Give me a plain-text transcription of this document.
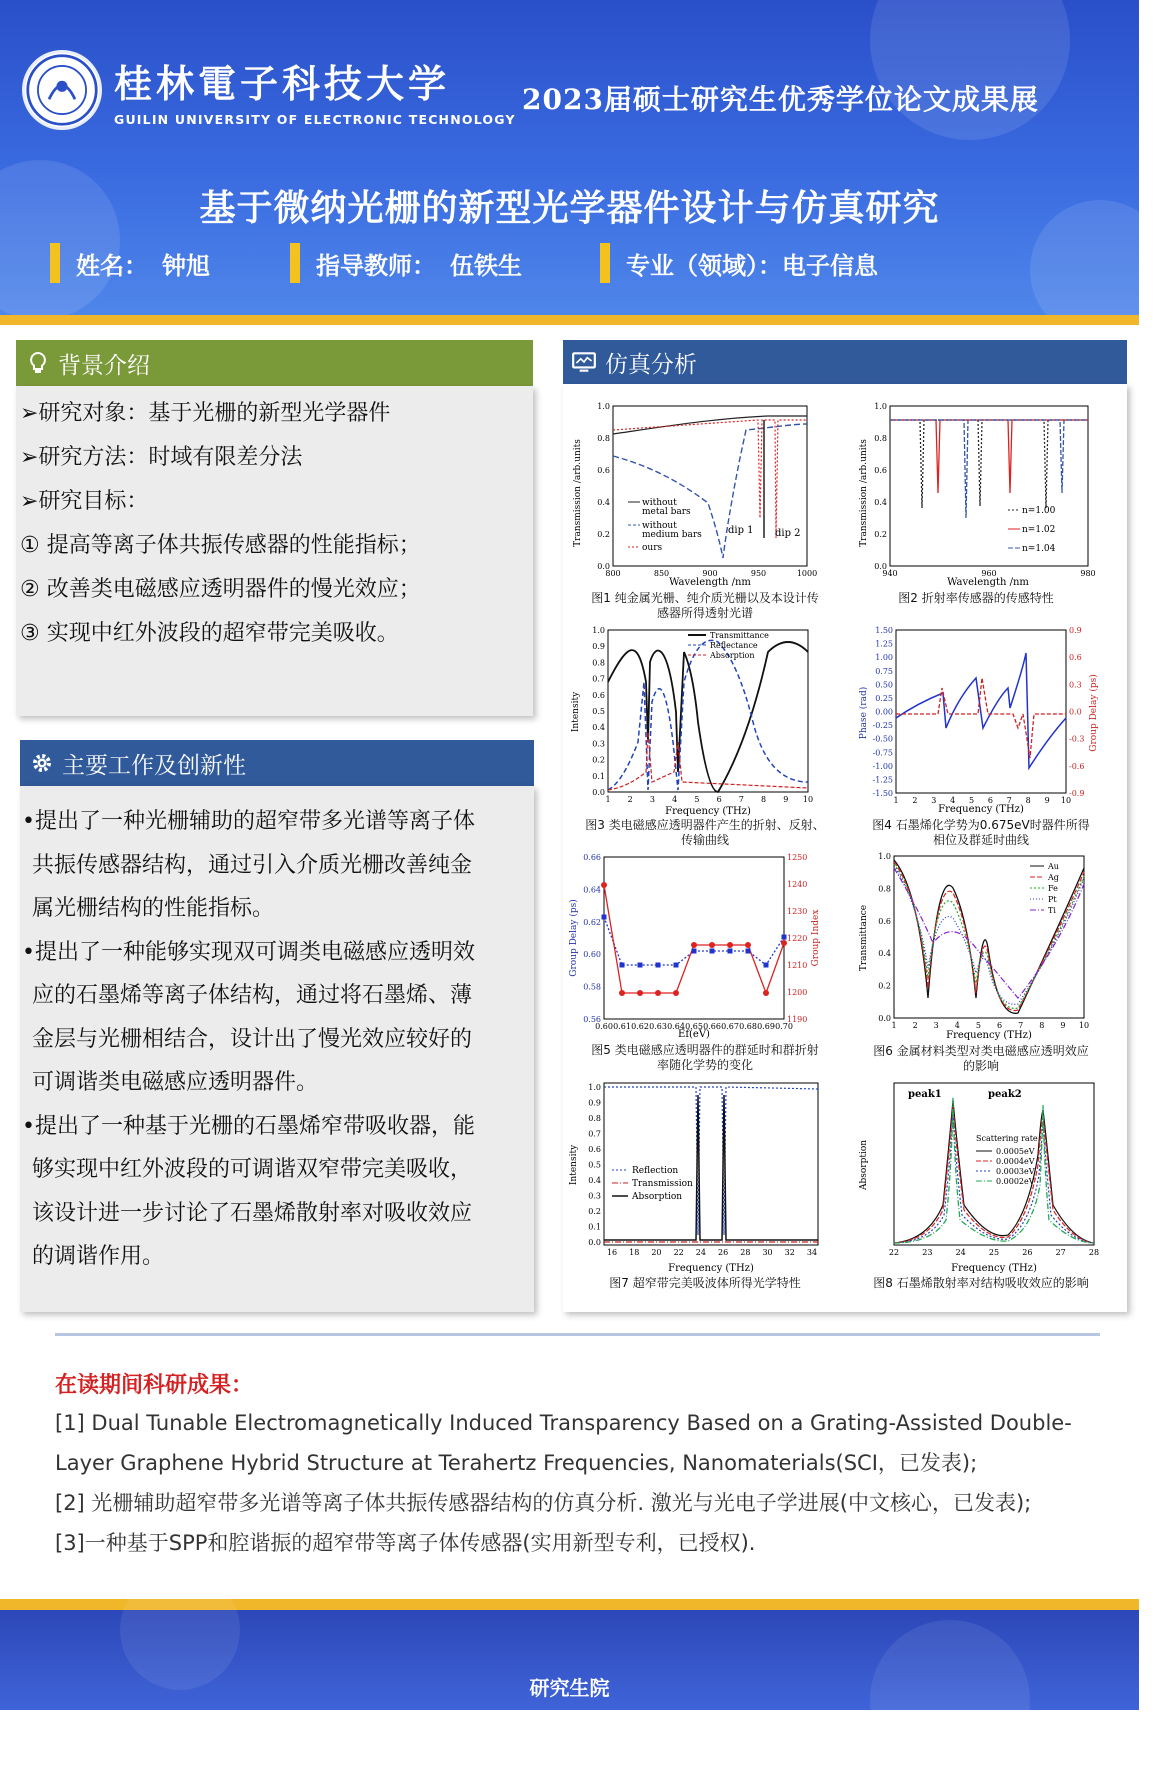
桂林電子科技大学
GUILIN UNIVERSITY OF ELECTRONIC TECHNOLOGY
2023届硕士研究生优秀学位论文成果展
基于微纳光栅的新型光学器件设计与仿真研究
姓名： 钟旭	指导教师： 伍铁生	专业（领域）： 电子信息
背景介绍
➢研究对象：基于光栅的新型光学器件
➢研究方法：时域有限差分法
➢研究目标：
① 提高等离子体共振传感器的性能指标；
② 改善类电磁感应透明器件的慢光效应；
③ 实现中红外波段的超窄带完美吸收。
主要工作及创新性

•提出了一种光栅辅助的超窄带多光谱等离子体
共振传感器结构，通过引入介质光栅改善纯金
属光栅结构的性能指标。

•提出了一种能够实现双可调类电磁感应透明效
应的石墨烯等离子体结构，通过将石墨烯、薄
金层与光栅相结合，设计出了慢光效应较好的
可调谐类电磁感应透明器件。

•提出了一种基于光栅的石墨烯窄带吸收器，能
够实现中红外波段的可调谐双窄带完美吸收，
该设计进一步讨论了石墨烯散射率对吸收效应
的调谐作用。

仿真分析
0.0
0.2
0.4
0.6
0.8
1.0
800	850	900	950	1000
Transmission /arb.units
Wavelength /nm
without
metal bars
without
medium bars
ours
dip 1 dip 2
图1 纯金属光栅、纯介质光栅以及本设计传
感器所得透射光谱
0.0
0.2
0.4
0.6
0.8
1.0
940	960	980
Transmission /arb.units
Wavelength /nm
n=1.00
n=1.02
n=1.04
图2 折射率传感器的传感特性
0.0
0.1
0.2
0.3
0.4
0.5
0.6
0.7
0.8
0.9
1.0
1 2 3 4 5 6 7 8 9 10
Intensity
Frequency (THz)
Transmittance
Reflectance
Absorption
图3 类电磁感应透明器件产生的折射、反射、
传输曲线
1.50
1.25
1.00
0.75
0.50
0.25
0.00
-0.25
-0.50
-0.75
-1.00
-1.25
-1.50
0.9
0.6
0.3
0.0
-0.3
-0.6
-0.9
1 2 3 4 5 6 7 8 9 10
Phase (rad)	Group Delay (ps)
Frequency (THz)
图4 石墨烯化学势为0.675eV时器件所得
相位及群延时曲线
0.66
0.64
0.62
0.60
0.58
0.56
1250
1240
1230
1220
1210
1200
1190
0.60 0.61 0.62 0.63 0.64 0.65 0.66 0.67 0.68 0.69 0.70
Group Delay (ps)	Group Index
Ef(eV)
图5 类电磁感应透明器件的群延时和群折射
率随化学势的变化
0.0
0.2
0.4
0.6
0.8
1.0
1 2 3 4 5 6 7 8 9 10
Transmittance
Frequency (THz)
Au
Ag
Fe
Pt
Ti
图6 金属材料类型对类电磁感应透明效应
的影响
0.0
0.1
0.2
0.3
0.4
0.5
0.6
0.7
0.8
0.9
1.0
16 18 20 22 24 26 28 30 32 34
Intensity
Frequency (THz)
Reflection
Transmission
Absorption
图7 超窄带完美吸波体所得光学特性
22	23	24	25	26	27	28
Absorption
Frequency (THz)
peak1	peak2
Scattering rate
0.0005eV
0.0004eV
0.0003eV
0.0002eV
图8 石墨烯散射率对结构吸收效应的影响
在读期间科研成果：
[1] Dual Tunable Electromagnetically Induced Transparency Based on a Grating-Assisted Double-
Layer Graphene Hybrid Structure at Terahertz Frequencies, Nanomaterials(SCI，已发表);
[2] 光栅辅助超窄带多光谱等离子体共振传感器结构的仿真分析. 激光与光电子学进展(中文核心，已发表);
[3]一种基于SPP和腔谐振的超窄带等离子体传感器(实用新型专利，已授权).
研究生院
